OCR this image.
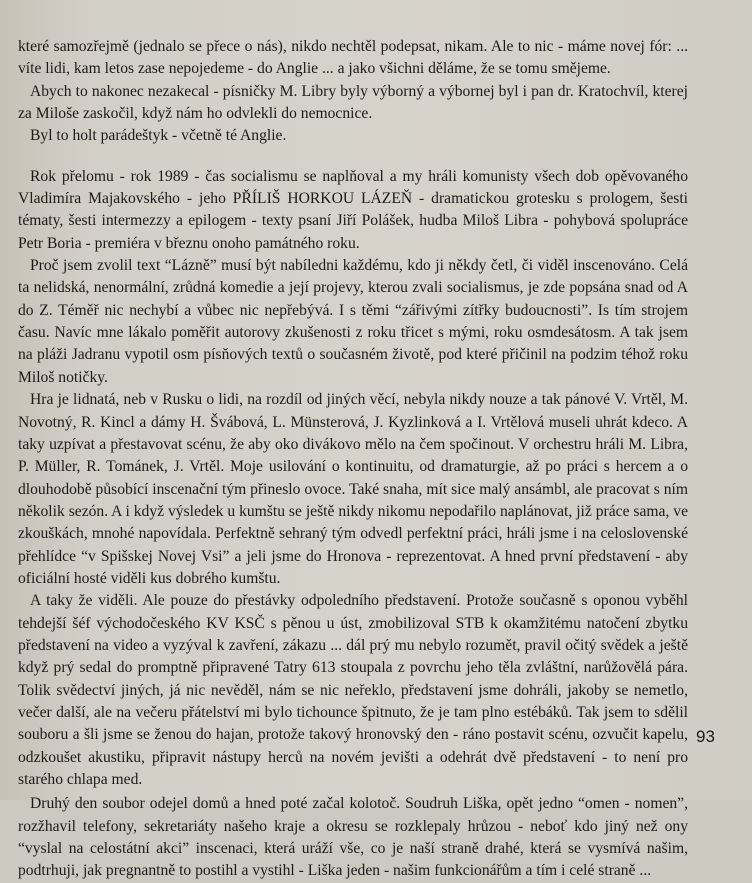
které samozřejmě (jednalo se přece o nás), nikdo nechtěl podepsat, nikam. Ale to nic - máme novej fór: ... víte lidi, kam letos zase nepojedeme - do Anglie ... a jako všichni děláme, že se tomu smějeme.

Abych to nakonec nezakecal - písničky M. Libry byly výborný a výbornej byl i pan dr. Kratochvíl, kterej za Miloše zaskočil, když nám ho odvlekli do nemocnice.

Byl to holt parádeštyk - včetně té Anglie.

Rok přelomu - rok 1989 - čas socialismu se naplňoval a my hráli komunisty všech dob opěvovaného Vladimíra Majakovského - jeho PŘÍLIŠ HORKOU LÁZEŇ - dramatickou grotesku s prologem, šesti tématy, šesti intermezzy a epilogem - texty psaní Jiří Polášek, hudba Miloš Libra - pohybová spolupráce Petr Boria - premiéra v březnu onoho památného roku.

Proč jsem zvolil text “Lázně” musí být nabíledni každému, kdo ji někdy četl, či viděl inscenováno. Celá ta nelidská, nenormální, zrůdná komedie a její projevy, kterou zvali socialismus, je zde popsána snad od A do Z. Téměř nic nechybí a vůbec nic nepřebývá. I s těmi “zářivými zítřky budoucnosti”. Is tím strojem času. Navíc mne lákalo poměřit autorovy zkušenosti z roku třicet s mými, roku osmdesátosm. A tak jsem na pláži Jadranu vypotil osm písňových textů o současném životě, pod které přičinil na podzim téhož roku Miloš notičky.

Hra je lidnatá, neb v Rusku o lidi, na rozdíl od jiných věcí, nebyla nikdy nouze a tak pánové V. Vrtěl, M. Novotný, R. Kincl a dámy H. Švábová, L. Münsterová, J. Kyzlinková a I. Vrtělová museli uhrát kdeco. A taky uzpívat a přestavovat scénu, že aby oko divákovo mělo na čem spočinout. V orchestru hráli M. Libra, P. Müller, R. Tománek, J. Vrtěl. Moje usilování o kontinuitu, od dramaturgie, až po práci s hercem a o dlouhodobě působící inscenační tým přineslo ovoce. Také snaha, mít sice malý ansámbl, ale pracovat s ním několik sezón. A i když výsledek u kumštu se ještě nikdy nikomu nepodařilo naplánovat, již práce sama, ve zkouškách, mnohé napovídala. Perfektně sehraný tým odvedl perfektní práci, hráli jsme i na celoslovenské přehlídce “v Spišskej Novej Vsi” a jeli jsme do Hronova - reprezentovat. A hned první představení - aby oficiální hosté viděli kus dobrého kumštu.

A taky že viděli. Ale pouze do přestávky odpoledního představení. Protože současně s oponou vyběhl tehdejší šéf východočeského KV KSČ s pěnou u úst, zmobilizoval STB k okamžitému natočení zbytku představení na video a vyzýval k zavření, zákazu ... dál prý mu nebylo rozumět, pravil očitý svědek a ještě když prý sedal do promptně připravené Tatry 613 stoupala z povrchu jeho těla zvláštní, narůžovělá pára. Tolik svědectví jiných, já nic nevěděl, nám se nic neřeklo, představení jsme dohráli, jakoby se nemetlo, večer další, ale na večeru přátelství mi bylo tichounce špitnuto, že je tam plno estébáků. Tak jsem to sdělil souboru a šli jsme se ženou do hajan, protože takový hronovský den - ráno postavit scénu, ozvučit kapelu, odzkoušet akustiku, připravit nástupy herců na novém jevišti a odehrát dvě představení - to není pro starého chlapa med.

Druhý den soubor odejel domů a hned poté začal kolotoč. Soudruh Liška, opět jedno “omen - nomen”, rozžhavil telefony, sekretariáty našeho kraje a okresu se rozklepaly hrůzou - neboť kdo jiný než ony “vyslal na celostátní akci” inscenaci, která uráží vše, co je naší straně drahé, která se vysmívá našim, podtrhuji, jak pregnantně to postihl a vystihl - Liška jeden - našim funkcionářům a tím i celé straně ...

93
